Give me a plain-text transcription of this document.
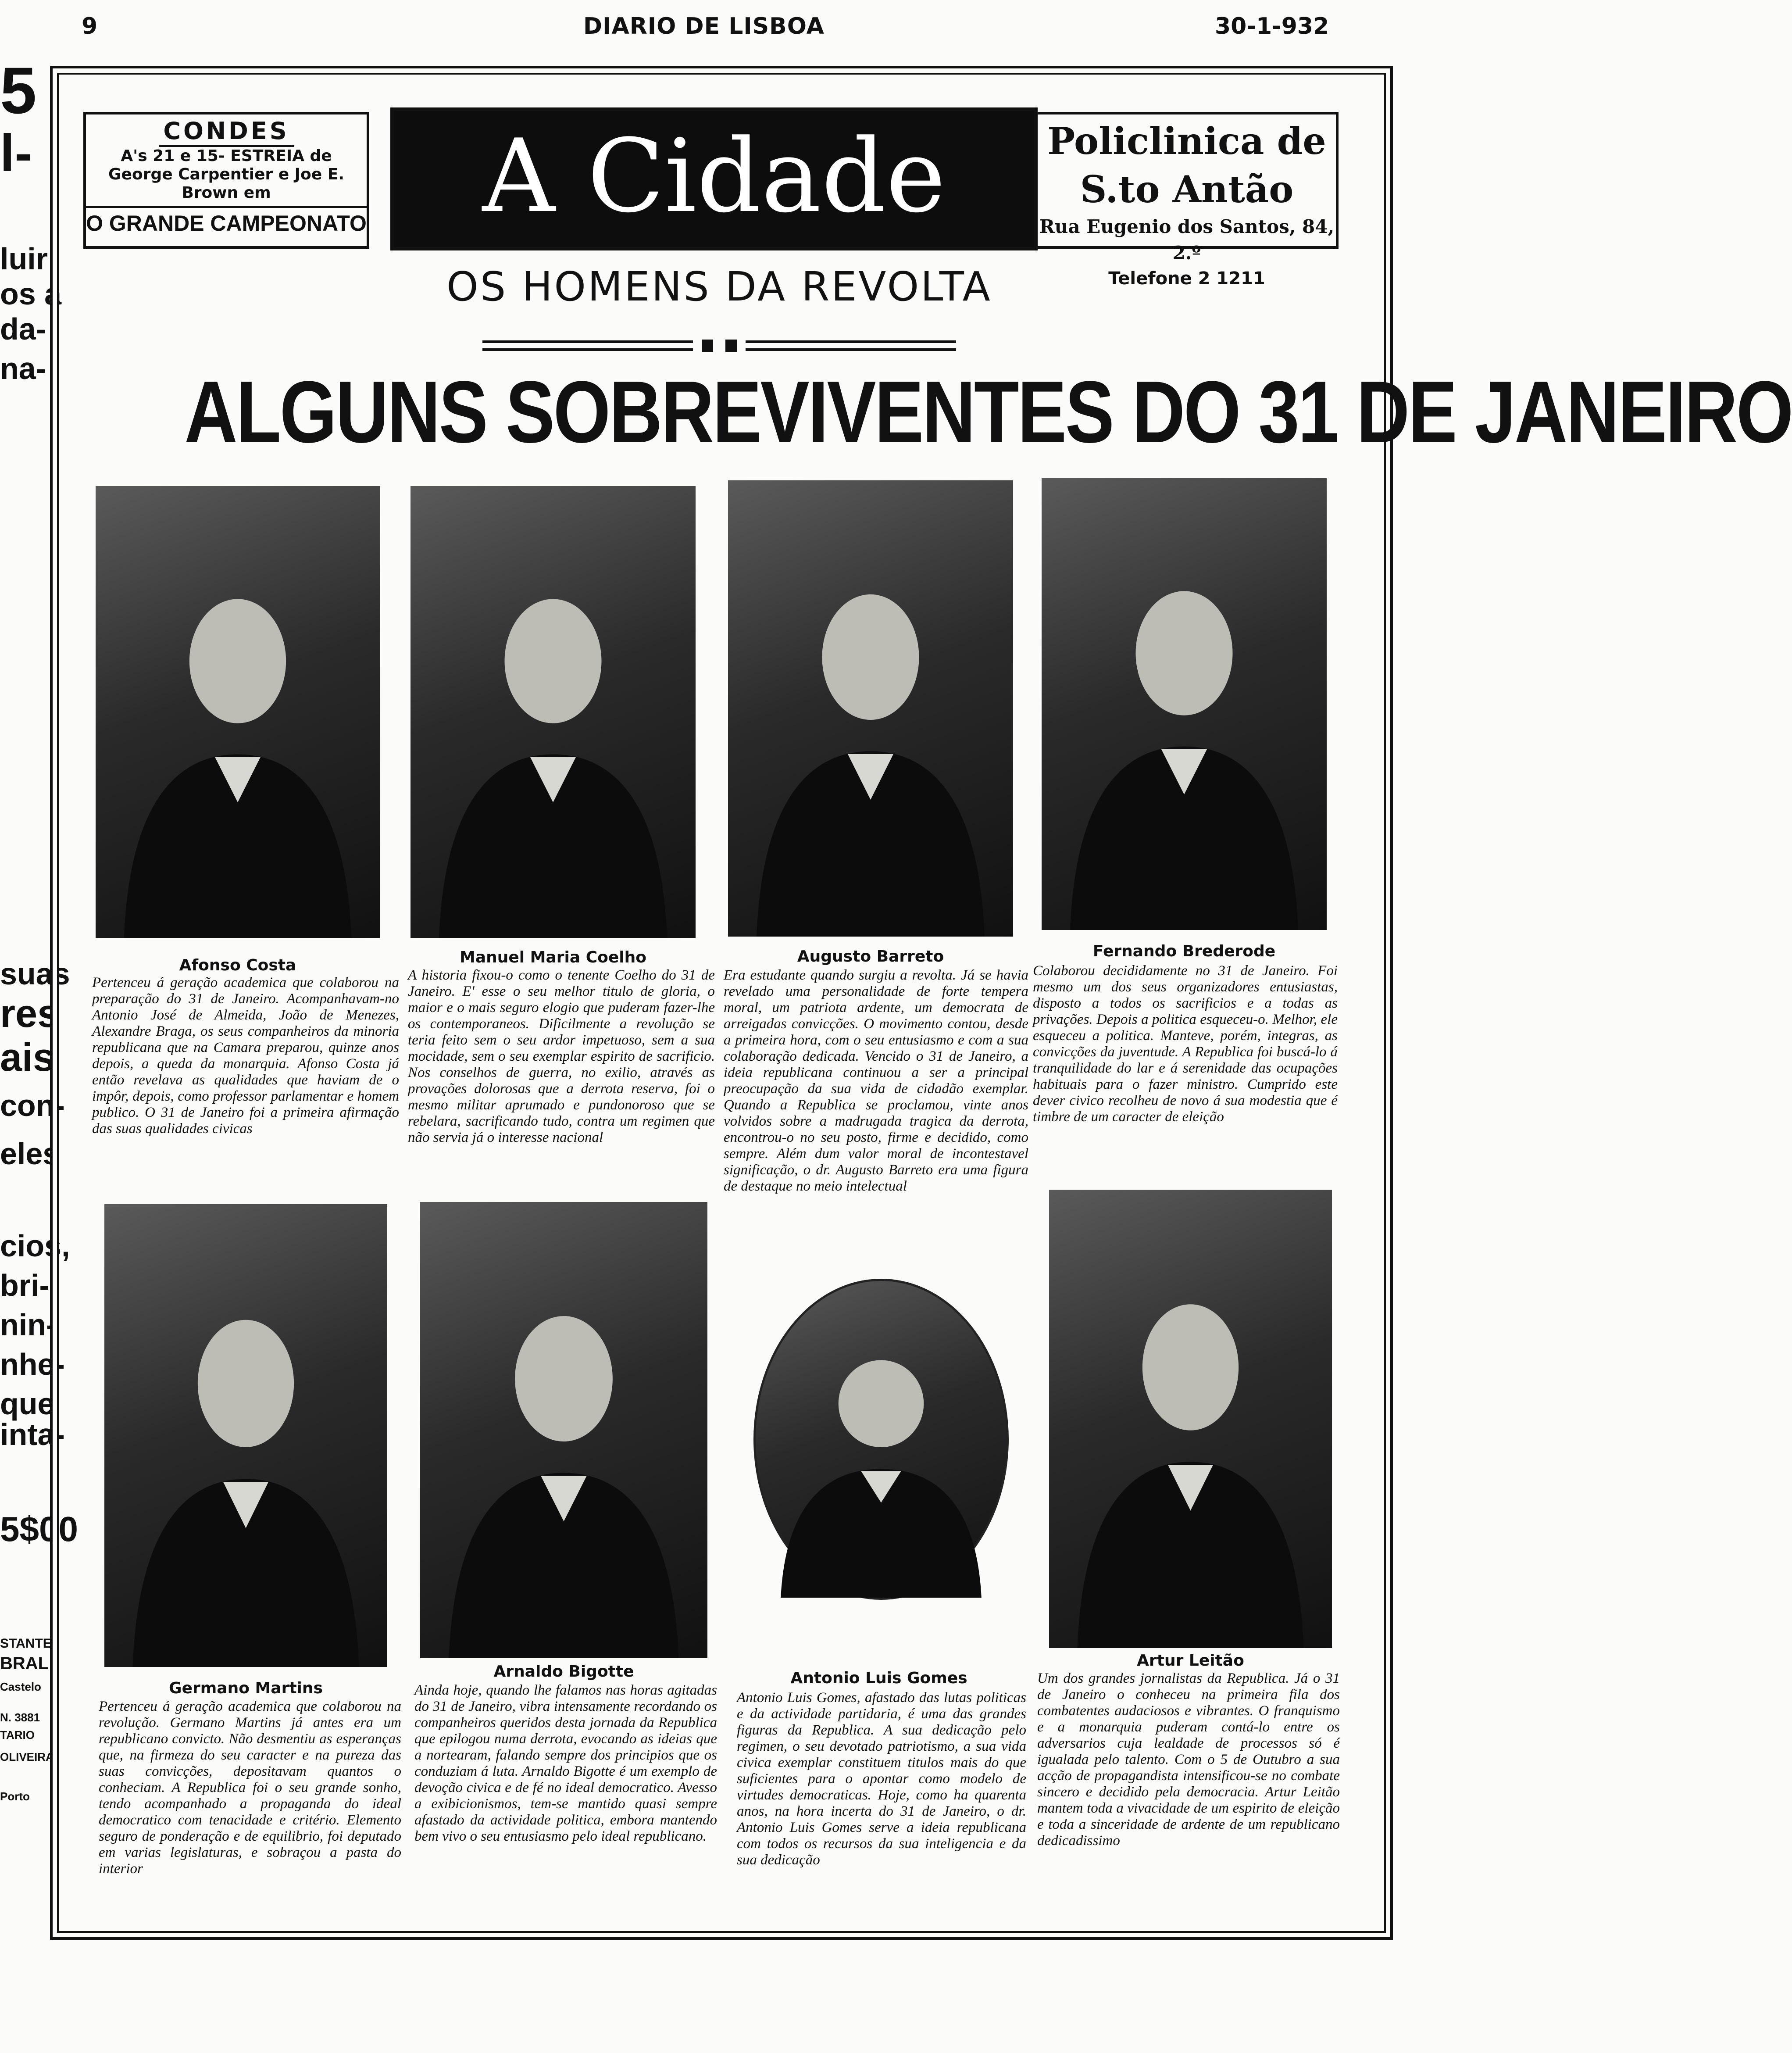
9	DIARIO DE LISBOA	30-1-932
5
l-
luir
os a
da-
na-
suas
res
ais
con-
eles
cios,
bri-
nin-
nhe-
que
inta-
5$00
STANTE
BRAL
Castelo
N. 3881
TARIO
OLIVEIRA
Porto
CONDES
A's 21 e 15- ESTREIA de
George Carpentier e Joe E.
Brown em
O GRANDE CAMPEONATO	A Cidade	Policlinica de S.to Antão
Rua Eugenio dos Santos, 84, 2.º
Telefone 2 1211
OS HOMENS DA REVOLTA
ALGUNS SOBREVIVENTES DO 31 DE JANEIRO
Afonso Costa	Manuel Maria Coelho	Augusto Barreto	Fernando Brederode
Germano Martins
Arnaldo Bigotte	Antonio Luis Gomes
Artur Leitão
Pertenceu á geração academica que colaborou na preparação do 31 de Janeiro. Acompanhavam-no Antonio José de Almeida, João de Menezes, Alexandre Braga, os seus companheiros da minoria republicana que na Camara preparou, quinze anos depois, a queda da monarquia. Afonso Costa já então revelava as qualidades que haviam de o impôr, depois, como professor parlamentar e homem publico. O 31 de Janeiro foi a primeira afirmação das suas qualidades civicas
A historia fixou-o como o tenente Coelho do 31 de Janeiro. E' esse o seu melhor titulo de gloria, o maior e o mais seguro elogio que puderam fazer-lhe os contemporaneos. Dificilmente a revolução se teria feito sem o seu ardor impetuoso, sem a sua mocidade, sem o seu exemplar espirito de sacrificio. Nos conselhos de guerra, no exilio, através as provações dolorosas que a derrota reserva, foi o mesmo militar aprumado e pundonoroso que se rebelara, sacrificando tudo, contra um regimen que não servia já o interesse nacional
Era estudante quando surgiu a revolta. Já se havia revelado uma personalidade de forte tempera moral, um patriota ardente, um democrata de arreigadas convicções. O movimento contou, desde a primeira hora, com o seu entusiasmo e com a sua colaboração dedicada. Vencido o 31 de Janeiro, a ideia republicana continuou a ser a principal preocupação da sua vida de cidadão exemplar. Quando a Republica se proclamou, vinte anos volvidos sobre a madrugada tragica da derrota, encontrou-o no seu posto, firme e decidido, como sempre. Além dum valor moral de incontestavel significação, o dr. Augusto Barreto era uma figura de destaque no meio intelectual
Colaborou decididamente no 31 de Janeiro. Foi mesmo um dos seus organizadores entusiastas, disposto a todos os sacrificios e a todas as privações. Depois a politica esqueceu-o. Melhor, ele esqueceu a politica. Manteve, porém, integras, as convicções da juventude. A Republica foi buscá-lo á tranquilidade do lar e á serenidade das ocupações habituais para o fazer ministro. Cumprido este dever civico recolheu de novo á sua modestia que é timbre de um caracter de eleição
Pertenceu á geração academica que colaborou na revolução. Germano Martins já antes era um republicano convicto. Não desmentiu as esperanças que, na firmeza do seu caracter e na pureza das suas convicções, depositavam quantos o conheciam. A Republica foi o seu grande sonho, tendo acompanhado a propaganda do ideal democratico com tenacidade e critério. Elemento seguro de ponderação e de equilibrio, foi deputado em varias legislaturas, e sobraçou a pasta do interior
Ainda hoje, quando lhe falamos nas horas agitadas do 31 de Janeiro, vibra intensamente recordando os companheiros queridos desta jornada da Republica que epilogou numa derrota, evocando as ideias que a nortearam, falando sempre dos principios que os conduziam á luta. Arnaldo Bigotte é um exemplo de devoção civica e de fé no ideal democratico. Avesso a exibicionismos, tem-se mantido quasi sempre afastado da actividade politica, embora mantendo bem vivo o seu entusiasmo pelo ideal republicano.
Antonio Luis Gomes, afastado das lutas politicas e da actividade partidaria, é uma das grandes figuras da Republica. A sua dedicação pelo regimen, o seu devotado patriotismo, a sua vida civica exemplar constituem titulos mais do que suficientes para o apontar como modelo de virtudes democraticas. Hoje, como ha quarenta anos, na hora incerta do 31 de Janeiro, o dr. Antonio Luis Gomes serve a ideia republicana com todos os recursos da sua inteligencia e da sua dedicação
Um dos grandes jornalistas da Republica. Já o 31 de Janeiro o conheceu na primeira fila dos combatentes audaciosos e vibrantes. O franquismo e a monarquia puderam contá-lo entre os adversarios cuja lealdade de processos só é igualada pelo talento. Com o 5 de Outubro a sua acção de propagandista intensificou-se no combate sincero e decidido pela democracia. Artur Leitão mantem toda a vivacidade de um espirito de eleição e toda a sinceridade de ardente de um republicano dedicadissimo
